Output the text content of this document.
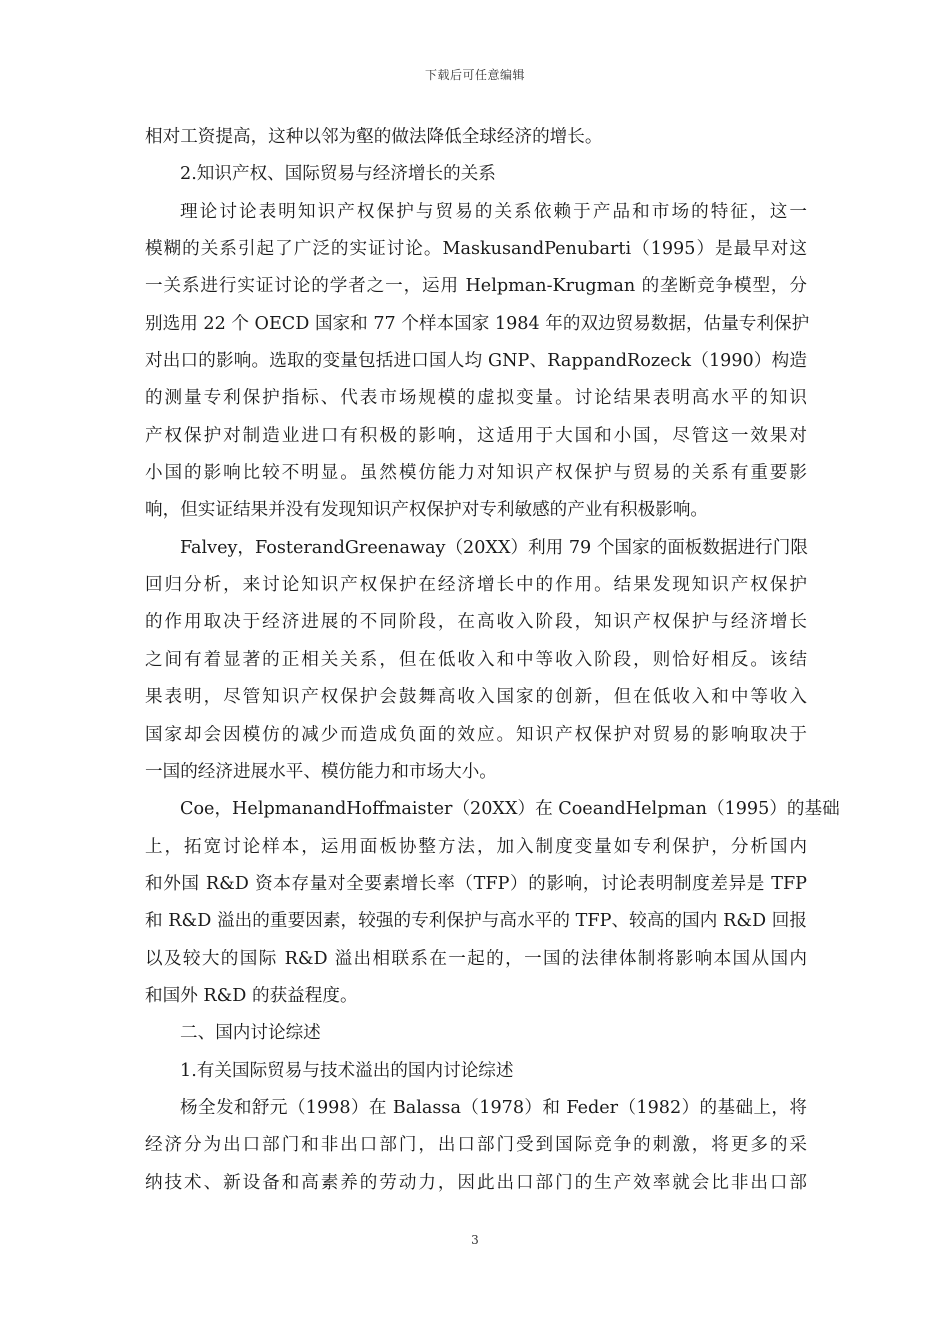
下载后可任意编辑
相对工资提高，这种以邻为壑的做法降低全球经济的增长。
2.知识产权、国际贸易与经济增长的关系
理论讨论表明知识产权保护与贸易的关系依赖于产品和市场的特征，这一
模糊的关系引起了广泛的实证讨论。MaskusandPenubarti（1995）是最早对这
一关系进行实证讨论的学者之一，运用 Helpman-Krugman 的垄断竞争模型，分
别选用 22 个 OECD 国家和 77 个样本国家 1984 年的双边贸易数据，估量专利保护
对出口的影响。选取的变量包括进口国人均 GNP、RappandRozeck（1990）构造
的测量专利保护指标、代表市场规模的虚拟变量。讨论结果表明高水平的知识
产权保护对制造业进口有积极的影响，这适用于大国和小国，尽管这一效果对
小国的影响比较不明显。虽然模仿能力对知识产权保护与贸易的关系有重要影
响，但实证结果并没有发现知识产权保护对专利敏感的产业有积极影响。
Falvey，FosterandGreenaway（20XX）利用 79 个国家的面板数据进行门限
回归分析，来讨论知识产权保护在经济增长中的作用。结果发现知识产权保护
的作用取决于经济进展的不同阶段，在高收入阶段，知识产权保护与经济增长
之间有着显著的正相关关系，但在低收入和中等收入阶段，则恰好相反。该结
果表明，尽管知识产权保护会鼓舞高收入国家的创新，但在低收入和中等收入
国家却会因模仿的减少而造成负面的效应。知识产权保护对贸易的影响取决于
一国的经济进展水平、模仿能力和市场大小。
Coe，HelpmanandHoffmaister（20XX）在 CoeandHelpman（1995）的基础
上，拓宽讨论样本，运用面板协整方法，加入制度变量如专利保护，分析国内
和外国 R&D 资本存量对全要素增长率（TFP）的影响，讨论表明制度差异是 TFP
和 R&D 溢出的重要因素，较强的专利保护与高水平的 TFP、较高的国内 R&D 回报
以及较大的国际 R&D 溢出相联系在一起的，一国的法律体制将影响本国从国内
和国外 R&D 的获益程度。
二、国内讨论综述
1.有关国际贸易与技术溢出的国内讨论综述
杨全发和舒元（1998）在 Balassa（1978）和 Feder（1982）的基础上，将
经济分为出口部门和非出口部门，出口部门受到国际竞争的刺激，将更多的采
纳技术、新设备和高素养的劳动力，因此出口部门的生产效率就会比非出口部
3
